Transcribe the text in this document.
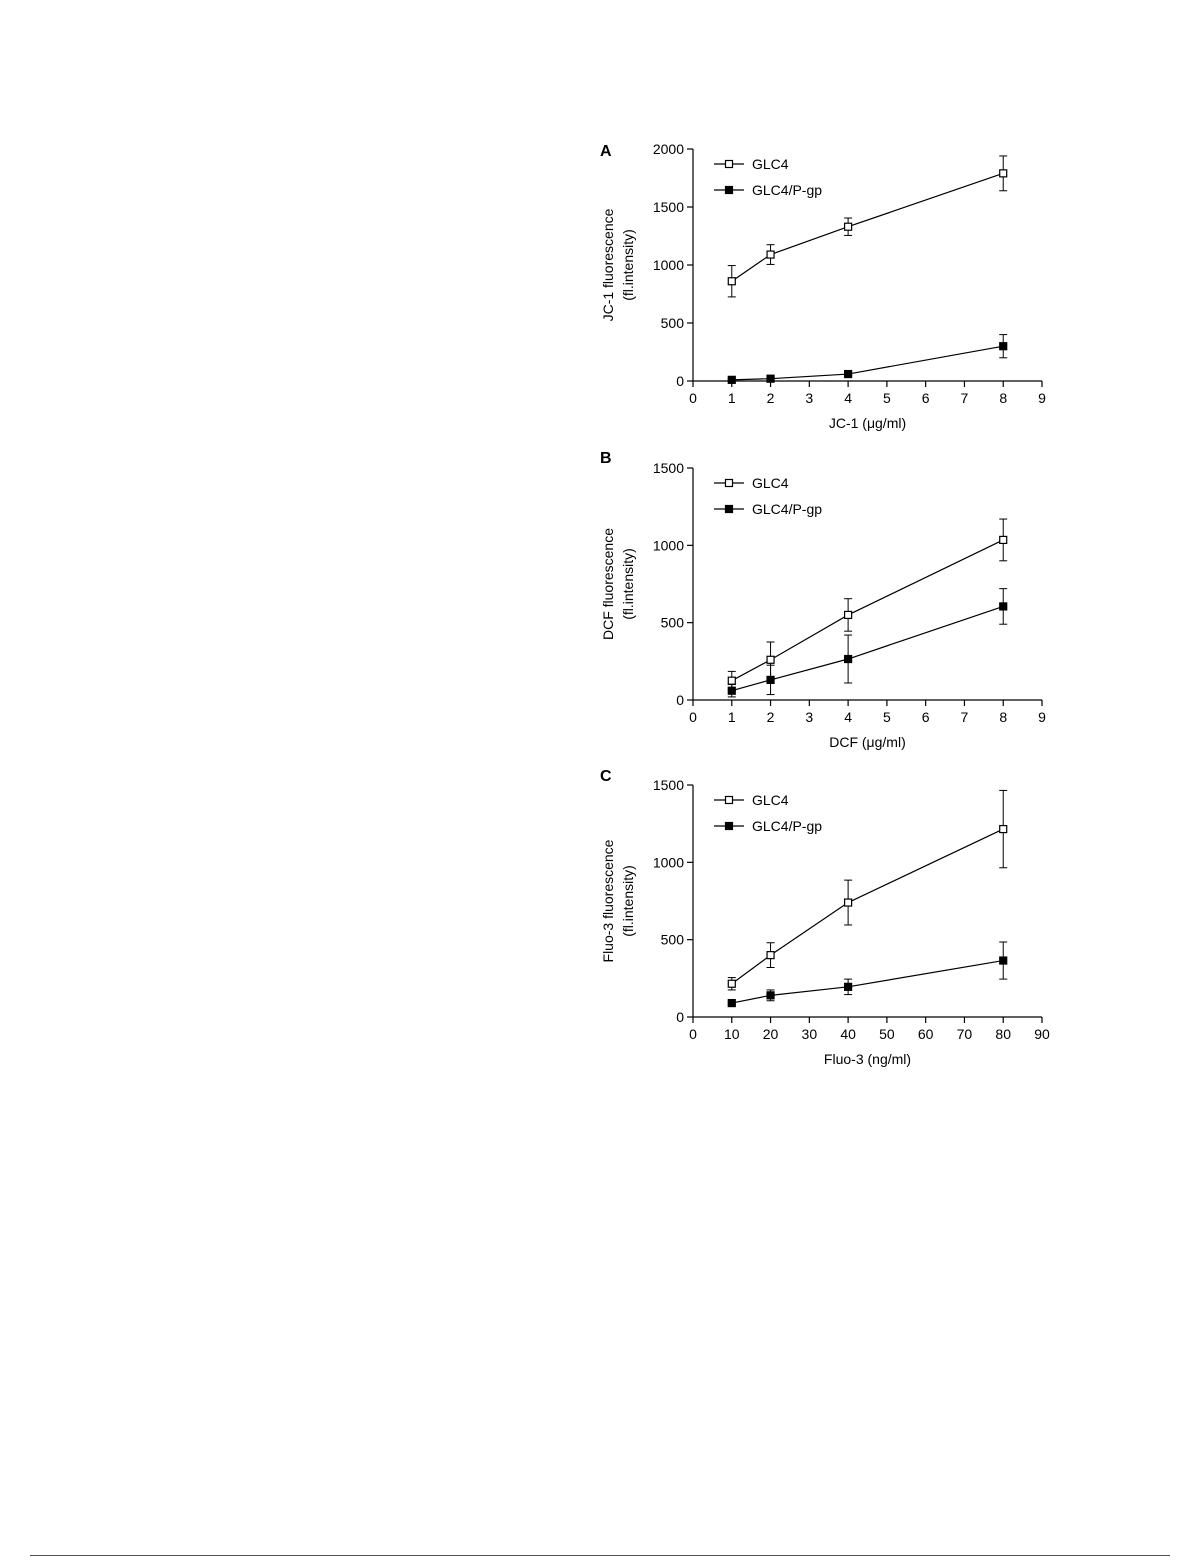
A
0
500
1000
1500
2000
0 1 2 3 4 5 6 7 8 9
JC-1 (μg/ml)
JC-1 fluorescence (fl.intensity)
GLC4
GLC4/P-gp
B
0
500
1000
1500
0 1 2 3 4 5 6 7 8 9
DCF (μg/ml)
DCF fluorescence (fl.intensity)
GLC4
GLC4/P-gp
C
0
500
1000
1500
0 10 20 30 40 50 60 70 80 90
Fluo-3 (ng/ml)
Fluo-3 fluorescence (fl.intensity)
GLC4
GLC4/P-gp
